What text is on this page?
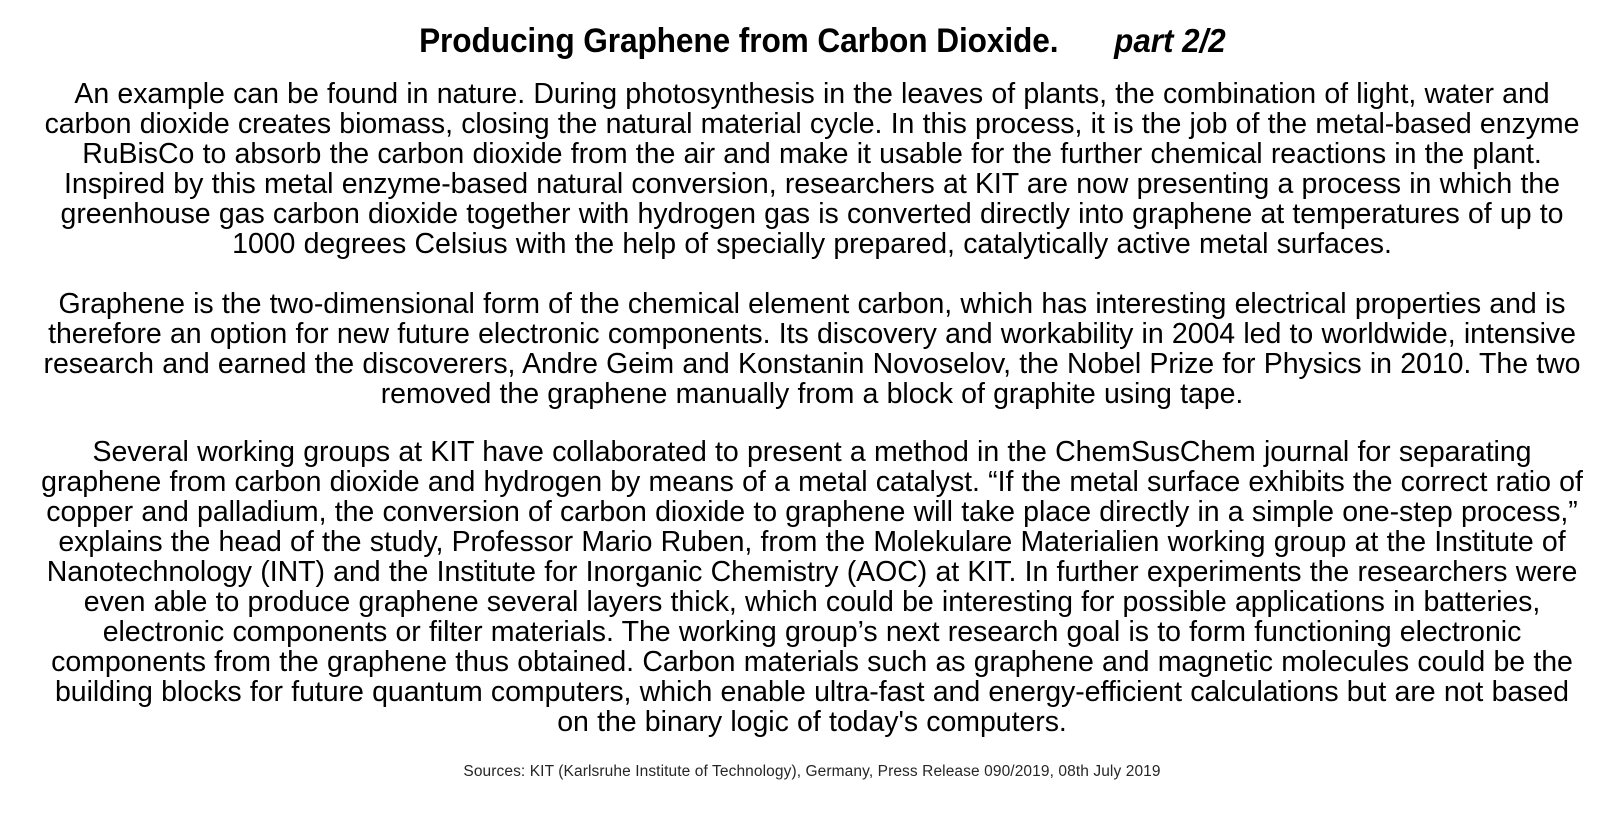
Producing Graphene from Carbon Dioxide. part 2/2

An example can be found in nature. During photosynthesis in the leaves of plants, the combination of light, water and carbon dioxide creates biomass, closing the natural material cycle. In this process, it is the job of the metal-based enzyme RuBisCo to absorb the carbon dioxide from the air and make it usable for the further chemical reactions in the plant. Inspired by this metal enzyme-based natural conversion, researchers at KIT are now presenting a process in which the greenhouse gas carbon dioxide together with hydrogen gas is converted directly into graphene at temperatures of up to 1000 degrees Celsius with the help of specially prepared, catalytically active metal surfaces.

Graphene is the two-dimensional form of the chemical element carbon, which has interesting electrical properties and is therefore an option for new future electronic components. Its discovery and workability in 2004 led to worldwide, intensive research and earned the discoverers, Andre Geim and Konstanin Novoselov, the Nobel Prize for Physics in 2010. The two removed the graphene manually from a block of graphite using tape.

Several working groups at KIT have collaborated to present a method in the ChemSusChem journal for separating graphene from carbon dioxide and hydrogen by means of a metal catalyst. “If the metal surface exhibits the correct ratio of copper and palladium, the conversion of carbon dioxide to graphene will take place directly in a simple one-step process,” explains the head of the study, Professor Mario Ruben, from the Molekulare Materialien working group at the Institute of Nanotechnology (INT) and the Institute for Inorganic Chemistry (AOC) at KIT. In further experiments the researchers were even able to produce graphene several layers thick, which could be interesting for possible applications in batteries, electronic components or filter materials. The working group’s next research goal is to form functioning electronic components from the graphene thus obtained. Carbon materials such as graphene and magnetic molecules could be the building blocks for future quantum computers, which enable ultra-fast and energy-efficient calculations but are not based on the binary logic of today's computers.

Sources: KIT (Karlsruhe Institute of Technology), Germany, Press Release 090/2019, 08th July 2019
